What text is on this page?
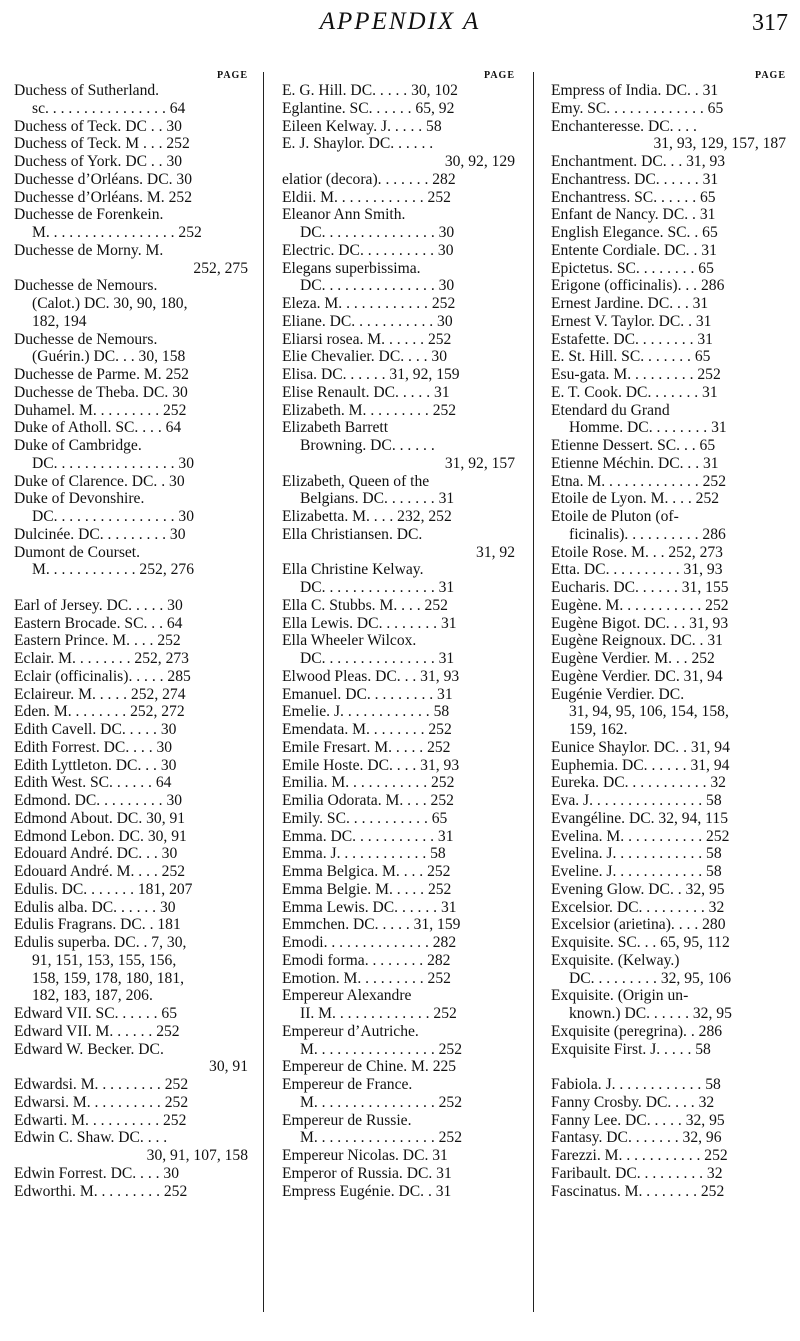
APPENDIX A	317
PAGE
Duchess of Sutherland.
sc. . . . . . . . . . . . . . . . 64
Duchess of Teck. DC . . 30
Duchess of Teck. M . . . 252
Duchess of York. DC . . 30
Duchesse d’Orléans. DC. 30
Duchesse d’Orléans. M. 252
Duchesse de Forenkein.
M. . . . . . . . . . . . . . . . . 252
Duchesse de Morny. M.
252, 275
Duchesse de Nemours.
(Calot.) DC. 30, 90, 180,
182, 194
Duchesse de Nemours.
(Guérin.) DC. . . 30, 158
Duchesse de Parme. M. 252
Duchesse de Theba. DC. 30
Duhamel. M. . . . . . . . . 252
Duke of Atholl. SC. . . . 64
Duke of Cambridge.
DC. . . . . . . . . . . . . . . . 30
Duke of Clarence. DC. . 30
Duke of Devonshire.
DC. . . . . . . . . . . . . . . . 30
Dulcinée. DC. . . . . . . . . 30
Dumont de Courset.
M. . . . . . . . . . . . 252, 276
Earl of Jersey. DC. . . . . 30
Eastern Brocade. SC. . . 64
Eastern Prince. M. . . . 252
Eclair. M. . . . . . . . 252, 273
Eclair (officinalis). . . . . 285
Eclaireur. M. . . . . 252, 274
Eden. M. . . . . . . . 252, 272
Edith Cavell. DC. . . . . 30
Edith Forrest. DC. . . . 30
Edith Lyttleton. DC. . . 30
Edith West. SC. . . . . . 64
Edmond. DC. . . . . . . . . 30
Edmond About. DC. 30, 91
Edmond Lebon. DC. 30, 91
Edouard André. DC. . . 30
Edouard André. M. . . . 252
Edulis. DC. . . . . . . 181, 207
Edulis alba. DC. . . . . . 30
Edulis Fragrans. DC. . 181
Edulis superba. DC. . 7, 30,
91, 151, 153, 155, 156,
158, 159, 178, 180, 181,
182, 183, 187, 206.
Edward VII. SC. . . . . . 65
Edward VII. M. . . . . . 252
Edward W. Becker. DC.
30, 91
Edwardsi. M. . . . . . . . . 252
Edwarsi. M. . . . . . . . . . 252
Edwarti. M. . . . . . . . . . 252
Edwin C. Shaw. DC. . . .
30, 91, 107, 158
Edwin Forrest. DC. . . . 30
Edworthi. M. . . . . . . . . 252
PAGE
E. G. Hill. DC. . . . . 30, 102
Eglantine. SC. . . . . . 65, 92
Eileen Kelway. J. . . . . 58
E. J. Shaylor. DC. . . . . .
30, 92, 129
elatior (decora). . . . . . . 282
Eldii. M. . . . . . . . . . . . 252
Eleanor Ann Smith.
DC. . . . . . . . . . . . . . . 30
Electric. DC. . . . . . . . . . 30
Elegans superbissima.
DC. . . . . . . . . . . . . . . 30
Eleza. M. . . . . . . . . . . . 252
Eliane. DC. . . . . . . . . . . 30
Eliarsi rosea. M. . . . . . 252
Elie Chevalier. DC. . . . 30
Elisa. DC. . . . . . 31, 92, 159
Elise Renault. DC. . . . . 31
Elizabeth. M. . . . . . . . . 252
Elizabeth Barrett
Browning. DC. . . . . .
31, 92, 157
Elizabeth, Queen of the
Belgians. DC. . . . . . . 31
Elizabetta. M. . . . 232, 252
Ella Christiansen. DC.
31, 92
Ella Christine Kelway.
DC. . . . . . . . . . . . . . . 31
Ella C. Stubbs. M. . . . 252
Ella Lewis. DC. . . . . . . . 31
Ella Wheeler Wilcox.
DC. . . . . . . . . . . . . . . 31
Elwood Pleas. DC. . . 31, 93
Emanuel. DC. . . . . . . . . 31
Emelie. J. . . . . . . . . . . . 58
Emendata. M. . . . . . . . 252
Emile Fresart. M. . . . . 252
Emile Hoste. DC. . . . 31, 93
Emilia. M. . . . . . . . . . . 252
Emilia Odorata. M. . . . 252
Emily. SC. . . . . . . . . . . 65
Emma. DC. . . . . . . . . . . 31
Emma. J. . . . . . . . . . . . 58
Emma Belgica. M. . . . 252
Emma Belgie. M. . . . . 252
Emma Lewis. DC. . . . . . 31
Emmchen. DC. . . . . 31, 159
Emodi. . . . . . . . . . . . . . 282
Emodi forma. . . . . . . . 282
Emotion. M. . . . . . . . . 252
Empereur Alexandre
II. M. . . . . . . . . . . . . 252
Empereur d’Autriche.
M. . . . . . . . . . . . . . . . 252
Empereur de Chine. M. 225
Empereur de France.
M. . . . . . . . . . . . . . . . 252
Empereur de Russie.
M. . . . . . . . . . . . . . . . 252
Empereur Nicolas. DC. 31
Emperor of Russia. DC. 31
Empress Eugénie. DC. . 31
PAGE
Empress of India. DC. . 31
Emy. SC. . . . . . . . . . . . . 65
Enchanteresse. DC. . . .
31, 93, 129, 157, 187
Enchantment. DC. . . 31, 93
Enchantress. DC. . . . . . 31
Enchantress. SC. . . . . . 65
Enfant de Nancy. DC. . 31
English Elegance. SC. . 65
Entente Cordiale. DC. . 31
Epictetus. SC. . . . . . . . 65
Erigone (officinalis). . . 286
Ernest Jardine. DC. . . 31
Ernest V. Taylor. DC. . 31
Estafette. DC. . . . . . . . 31
E. St. Hill. SC. . . . . . . 65
Esu-gata. M. . . . . . . . . 252
E. T. Cook. DC. . . . . . . 31
Etendard du Grand
Homme. DC. . . . . . . . 31
Etienne Dessert. SC. . . 65
Etienne Méchin. DC. . . 31
Etna. M. . . . . . . . . . . . . 252
Etoile de Lyon. M. . . . 252
Etoile de Pluton (of-
ficinalis). . . . . . . . . . 286
Etoile Rose. M. . . 252, 273
Etta. DC. . . . . . . . . . 31, 93
Eucharis. DC. . . . . . 31, 155
Eugène. M. . . . . . . . . . . 252
Eugène Bigot. DC. . . 31, 93
Eugène Reignoux. DC. . 31
Eugène Verdier. M. . . 252
Eugène Verdier. DC. 31, 94
Eugénie Verdier. DC.
31, 94, 95, 106, 154, 158,
159, 162.
Eunice Shaylor. DC. . 31, 94
Euphemia. DC. . . . . . 31, 94
Eureka. DC. . . . . . . . . . . 32
Eva. J. . . . . . . . . . . . . . . 58
Evangéline. DC. 32, 94, 115
Evelina. M. . . . . . . . . . . 252
Evelina. J. . . . . . . . . . . . 58
Eveline. J. . . . . . . . . . . . 58
Evening Glow. DC. . 32, 95
Excelsior. DC. . . . . . . . . 32
Excelsior (arietina). . . . 280
Exquisite. SC. . . 65, 95, 112
Exquisite. (Kelway.)
DC. . . . . . . . . 32, 95, 106
Exquisite. (Origin un-
known.) DC. . . . . . 32, 95
Exquisite (peregrina). . 286
Exquisite First. J. . . . . 58
Fabiola. J. . . . . . . . . . . . 58
Fanny Crosby. DC. . . . 32
Fanny Lee. DC. . . . . 32, 95
Fantasy. DC. . . . . . . 32, 96
Farezzi. M. . . . . . . . . . . 252
Faribault. DC. . . . . . . . . 32
Fascinatus. M. . . . . . . . 252
